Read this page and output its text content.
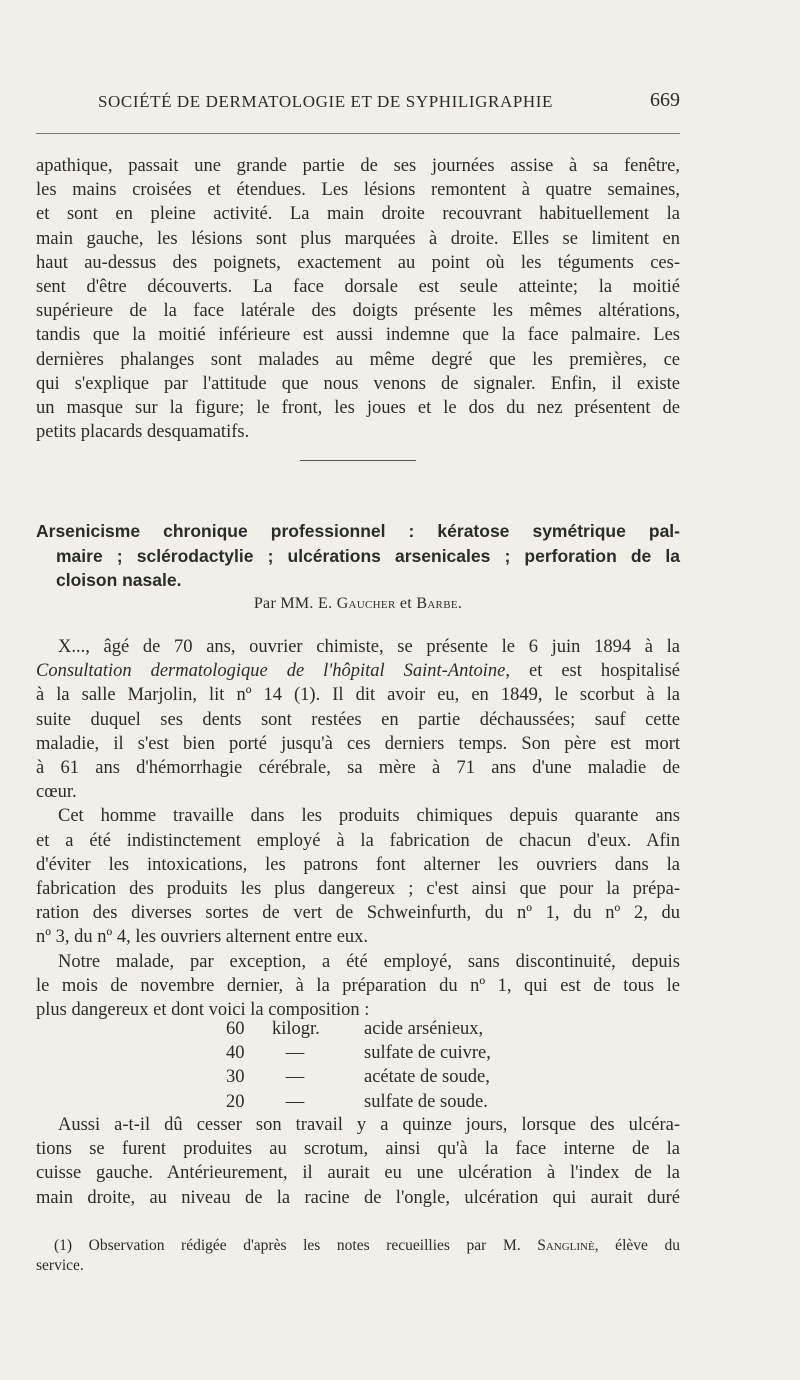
SOCIÉTÉ DE DERMATOLOGIE ET DE SYPHILIGRAPHIE	669
apathique, passait une grande partie de ses journées assise à sa fenêtre,
les mains croisées et étendues. Les lésions remontent à quatre semaines,
et sont en pleine activité. La main droite recouvrant habituellement la
main gauche, les lésions sont plus marquées à droite. Elles se limitent en
haut au-dessus des poignets, exactement au point où les téguments ces-
sent d'être découverts. La face dorsale est seule atteinte; la moitié
supérieure de la face latérale des doigts présente les mêmes altérations,
tandis que la moitié inférieure est aussi indemne que la face palmaire. Les
dernières phalanges sont malades au même degré que les premières, ce
qui s'explique par l'attitude que nous venons de signaler. Enfin, il existe
un masque sur la figure; le front, les joues et le dos du nez présentent de
petits placards desquamatifs.
Arsenicisme chronique professionnel : kératose symétrique pal-
maire ; sclérodactylie ; ulcérations arsenicales ; perforation de la
cloison nasale.
Par MM. E. Gaucher et Barbe.
X..., âgé de 70 ans, ouvrier chimiste, se présente le 6 juin 1894 à la
Consultation dermatologique de l'hôpital Saint-Antoine, et est hospitalisé
à la salle Marjolin, lit nº 14 (1). Il dit avoir eu, en 1849, le scorbut à la
suite duquel ses dents sont restées en partie déchaussées; sauf cette
maladie, il s'est bien porté jusqu'à ces derniers temps. Son père est mort
à 61 ans d'hémorrhagie cérébrale, sa mère à 71 ans d'une maladie de
cœur.
Cet homme travaille dans les produits chimiques depuis quarante ans
et a été indistinctement employé à la fabrication de chacun d'eux. Afin
d'éviter les intoxications, les patrons font alterner les ouvriers dans la
fabrication des produits les plus dangereux ; c'est ainsi que pour la prépa-
ration des diverses sortes de vert de Schweinfurth, du nº 1, du nº 2, du
nº 3, du nº 4, les ouvriers alternent entre eux.
Notre malade, par exception, a été employé, sans discontinuité, depuis
le mois de novembre dernier, à la préparation du nº 1, qui est de tous le
plus dangereux et dont voici la composition :
60 kilogr. acide arsénieux,
40 —	sulfate de cuivre,
30 —	acétate de soude,
20 —	sulfate de soude.
Aussi a-t-il dû cesser son travail y a quinze jours, lorsque des ulcéra-
tions se furent produites au scrotum, ainsi qu'à la face interne de la
cuisse gauche. Antérieurement, il aurait eu une ulcération à l'index de la
main droite, au niveau de la racine de l'ongle, ulcération qui aurait duré
(1) Observation rédigée d'après les notes recueillies par M. Sanglinè, élève du
service.
